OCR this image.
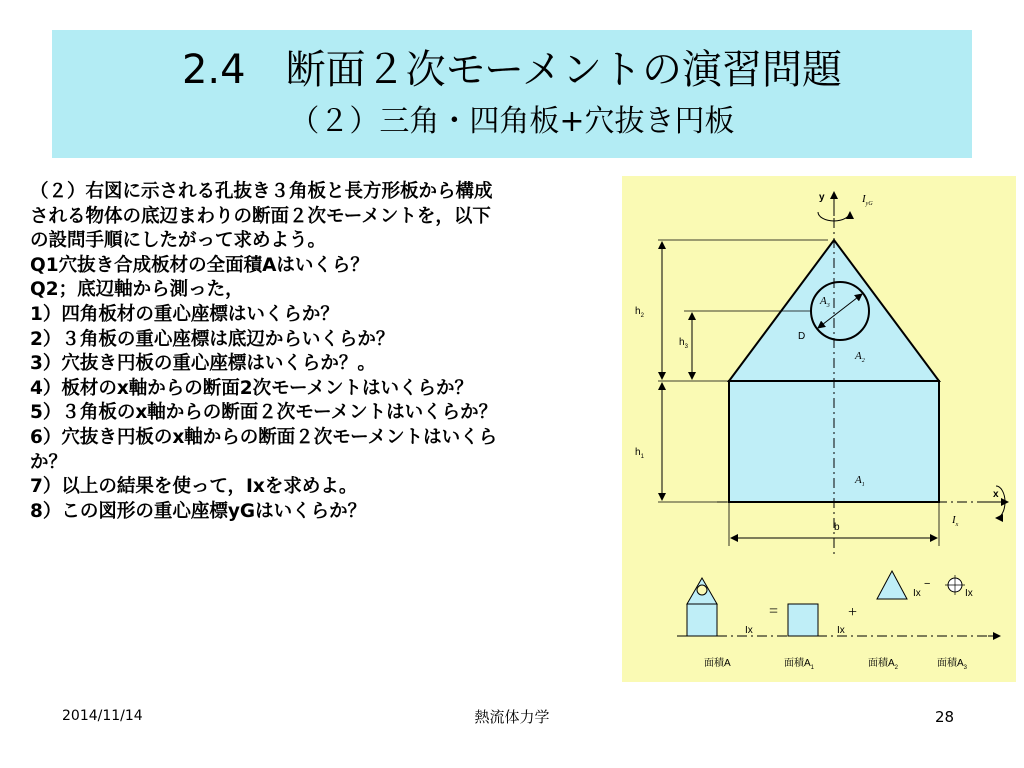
2.4　断面２次モーメントの演習問題
（２）三角・四角板+穴抜き円板
（２）右図に示される孔抜き３角板と長方形板から構成
される物体の底辺まわりの断面２次モーメントを，以下
の設問手順にしたがって求めよう。
Q1穴抜き合成板材の全面積Aはいくら？
Q2；底辺軸から測った，
1）四角板材の重心座標はいくらか？
2）３角板の重心座標は底辺からいくらか？
3）穴抜き円板の重心座標はいくらか？。
4）板材のx軸からの断面2次モーメントはいくらか？
5）３角板のx軸からの断面２次モーメントはいくらか？
6）穴抜き円板のx軸からの断面２次モーメントはいくら
か？
7）以上の結果を使って，Ixを求めよ。
8）この図形の重心座標yGはいくらか？
y	$I_{yG}$
$A_3$
D
$A_2$
$A_1$
$h_2$
$h_3$
$h_1$
b
x
$I_x$
=	+
−
Ix	Ix
Ix	Ix
面積A	面積$A_1$	面積$A_2$	面積$A_3$
2014/11/14	熱流体力学	28
